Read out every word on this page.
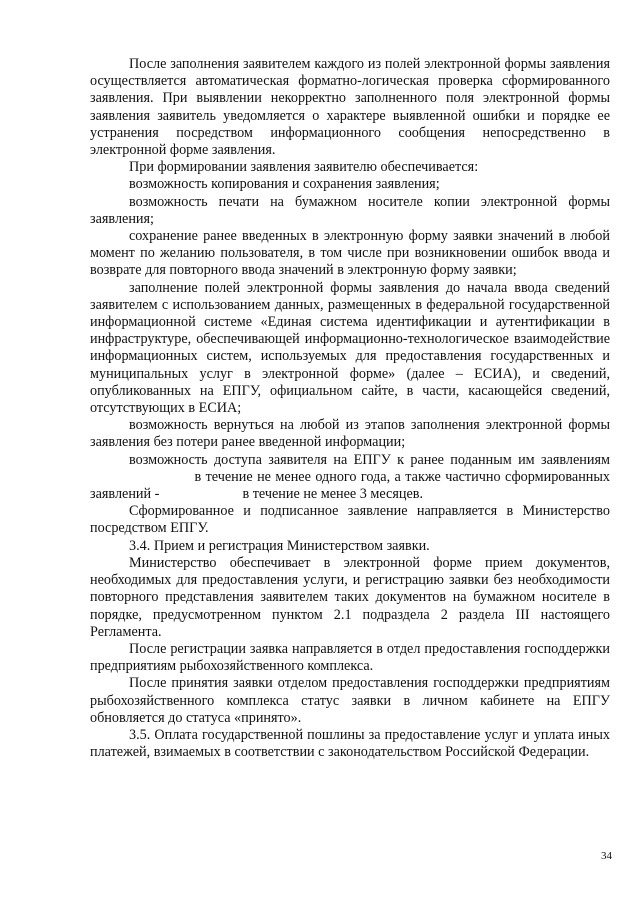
После заполнения заявителем каждого из полей электронной формы заявления осуществляется автоматическая форматно-логическая проверка сформированного заявления. При выявлении некорректно заполненного поля электронной формы заявления заявитель уведомляется о характере выявленной ошибки и порядке ее устранения посредством информационного сообщения непосредственно в электронной форме заявления.

При формировании заявления заявителю обеспечивается:

возможность копирования и сохранения заявления;

возможность печати на бумажном носителе копии электронной формы заявления;

сохранение ранее введенных в электронную форму заявки значений в любой момент по желанию пользователя, в том числе при возникновении ошибок ввода и возврате для повторного ввода значений в электронную форму заявки;

заполнение полей электронной формы заявления до начала ввода сведений заявителем с использованием данных, размещенных в федеральной государственной информационной системе «Единая система идентификации и аутентификации в инфраструктуре, обеспечивающей информационно-технологическое взаимодействие информационных систем, используемых для предоставления государственных и муниципальных услуг в электронной форме» (далее – ЕСИА), и сведений, опубликованных на ЕПГУ, официальном сайте, в части, касающейся сведений, отсутствующих в ЕСИА;

возможность вернуться на любой из этапов заполнения электронной формы заявления без потери ранее введенной информации;

возможность доступа заявителя на ЕПГУ к ранее поданным им заявлениям  в течение не менее одного года, а также частично сформированных заявлений -	в течение не менее 3 месяцев.

Сформированное и подписанное заявление направляется в Министерство посредством ЕПГУ.

3.4. Прием и регистрация Министерством заявки.

Министерство обеспечивает в электронной форме прием документов, необходимых для предоставления услуги, и регистрацию заявки без необходимости повторного представления заявителем таких документов на бумажном носителе в порядке, предусмотренном пунктом 2.1 подраздела 2 раздела III настоящего Регламента.

После регистрации заявка направляется в отдел предоставления господдержки предприятиям рыбохозяйственного комплекса.

После принятия заявки отделом предоставления господдержки предприятиям рыбохозяйственного комплекса статус заявки в личном кабинете на ЕПГУ обновляется до статуса «принято».

3.5. Оплата государственной пошлины за предоставление услуг и уплата иных платежей, взимаемых в соответствии с законодательством Российской Федерации.

34
